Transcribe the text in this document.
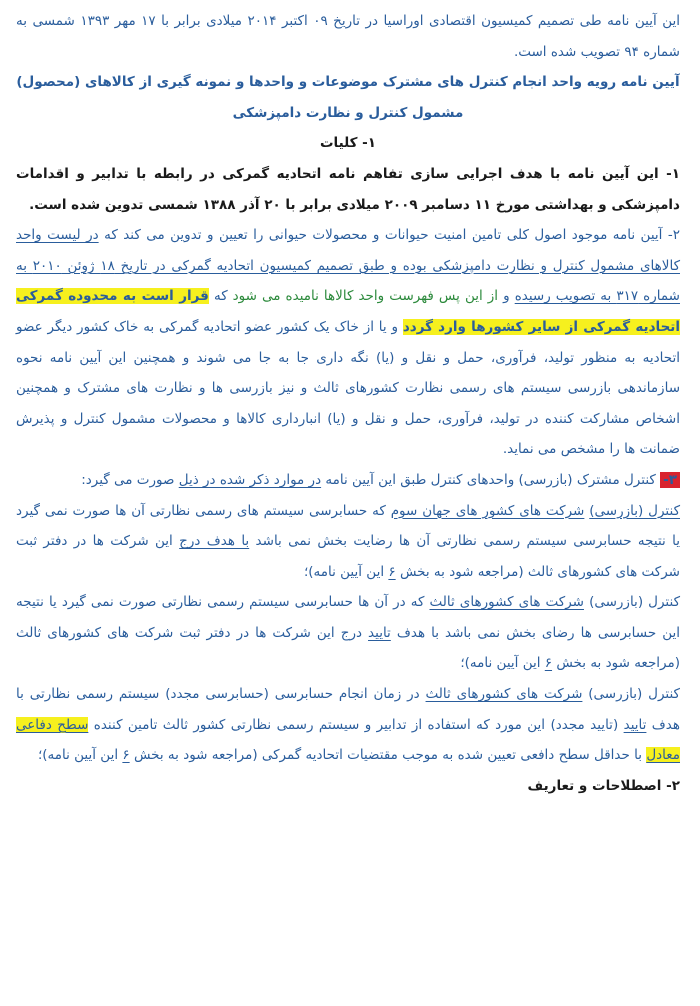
این آیین نامه طی تصمیم کمیسیون اقتصادی اوراسیا در تاریخ ۰۹ اکتبر ۲۰۱۴ میلادی برابر با ۱۷ مهر ۱۳۹۳ شمسی به شماره ۹۴ تصویب شده است.

آیین نامه رویه واحد انجام کنترل های مشترک موضوعات و واحدها و نمونه گیری از کالاهای (محصول) مشمول کنترل و نظارت دامپزشکی

۱- کلیات

۱- این آیین نامه با هدف اجرایی سازی تفاهم نامه اتحادیه گمرکی در رابطه با تدابیر و اقدامات دامپزشکی و بهداشتی مورخ ۱۱ دسامبر ۲۰۰۹ میلادی برابر با ۲۰ آذر ۱۳۸۸ شمسی تدوین شده است.

۲- آیین نامه موجود اصول کلی تامین امنیت حیوانات و محصولات حیوانی را تعیین و تدوین می کند که در لیست واحد کالاهای مشمول کنترل و نظارت دامپزشکی بوده و طبق تصمیم کمیسیون اتحادیه گمرکی در تاریخ ۱۸ ژوئن ۲۰۱۰ به شماره ۳۱۷ به تصویب رسیده و از این پس فهرست واحد کالاها نامیده می شود که قرار است به محدوده گمرکی اتحادیه گمرکی از سایر کشورها وارد گردد و یا از خاک یک کشور عضو اتحادیه گمرکی به خاک کشور دیگر عضو اتحادیه به منظور تولید، فرآوری، حمل و نقل و (یا) نگه داری جا به جا می شوند و همچنین این آیین نامه نحوه سازماندهی بازرسی سیستم های رسمی نظارت کشورهای ثالث و نیز بازرسی ها و نظارت های مشترک و همچنین اشخاص مشارکت کننده در تولید، فرآوری، حمل و نقل و (یا) انبارداری کالاها و محصولات مشمول کنترل و پذیرش ضمانت ها را مشخص می نماید.

۳- کنترل مشترک (بازرسی) واحدهای کنترل طبق این آیین نامه در موارد ذکر شده در ذیل صورت می گیرد:

کنترل (بازرسی) شرکت های کشور های جهان سوم که حسابرسی سیستم های رسمی نظارتی آن ها صورت نمی گیرد یا نتیجه حسابرسی سیستم رسمی نظارتی آن ها رضایت بخش نمی باشد با هدف درج این شرکت ها در دفتر ثبت شرکت های کشورهای ثالث (مراجعه شود به بخش ۶ این آیین نامه)؛

کنترل (بازرسی) شرکت های کشورهای ثالث که در آن ها حسابرسی سیستم رسمی نظارتی صورت نمی گیرد یا نتیجه این حسابرسی ها رضای بخش نمی باشد با هدف تایید درج این شرکت ها در دفتر ثبت شرکت های کشورهای ثالث (مراجعه شود به بخش ۶ این آیین نامه)؛

کنترل (بازرسی) شرکت های کشورهای ثالث در زمان انجام حسابرسی (حسابرسی مجدد) سیستم رسمی نظارتی با هدف تایید (تایید مجدد) این مورد که استفاده از تدابیر و سیستم رسمی نظارتی کشور ثالث تامین کننده سطح دفاعی معادل با حداقل سطح دافعی تعیین شده به موجب مقتضیات اتحادیه گمرکی (مراجعه شود به بخش ۶ این آیین نامه)؛

۲- اصطلاحات و تعاریف
